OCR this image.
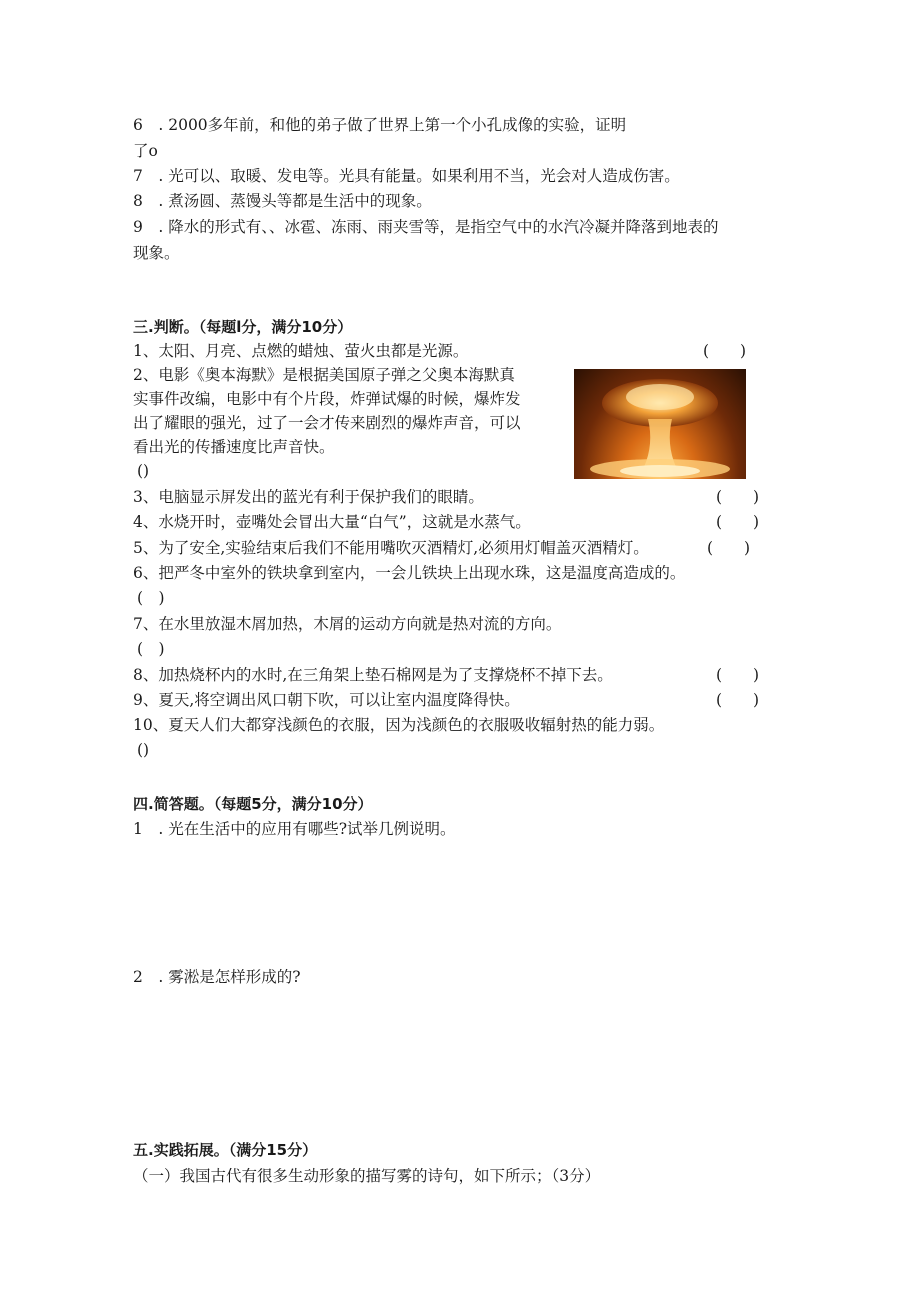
6　. 2000多年前，和他的弟子做了世界上第一个小孔成像的实验，证明
了o
7　. 光可以、取暖、发电等。光具有能量。如果利用不当，光会对人造成伤害。
8　. 煮汤圆、蒸馒头等都是生活中的现象。
9　. 降水的形式有、、冰雹、冻雨、雨夹雪等，是指空气中的水汽冷凝并降落到地表的
现象。
三.判断。（每题l分，满分10分）
1、太阳、月亮、点燃的蜡烛、萤火虫都是光源。	(　　)
2、电影《奥本海默》是根据美国原子弹之父奥本海默真
实事件改编，电影中有个片段，炸弹试爆的时候，爆炸发
出了耀眼的强光，过了一会才传来剧烈的爆炸声音，可以
看出光的传播速度比声音快。
()
3、电脑显示屏发出的蓝光有利于保护我们的眼睛。	(　　)
4、水烧开时，壶嘴处会冒出大量“白气”，这就是水蒸气。	(　　)
5、为了安全,实验结束后我们不能用嘴吹灭酒精灯,必须用灯帽盖灭酒精灯。	(　　)
6、把严冬中室外的铁块拿到室内，一会儿铁块上出现水珠，这是温度高造成的。
(　)
7、在水里放湿木屑加热，木屑的运动方向就是热对流的方向。
(　)
8、加热烧杯内的水时,在三角架上垫石棉网是为了支撑烧杯不掉下去。	(　　)
9、夏天,将空调出风口朝下吹，可以让室内温度降得快。	(　　)
10、夏天人们大都穿浅颜色的衣服，因为浅颜色的衣服吸收辐射热的能力弱。
()
四.简答题。（每题5分，满分10分）
1　. 光在生活中的应用有哪些?试举几例说明。
2　. 雾淞是怎样形成的?
五.实践拓展。（满分15分）
（一）我国古代有很多生动形象的描写雾的诗句，如下所示；（3分）
